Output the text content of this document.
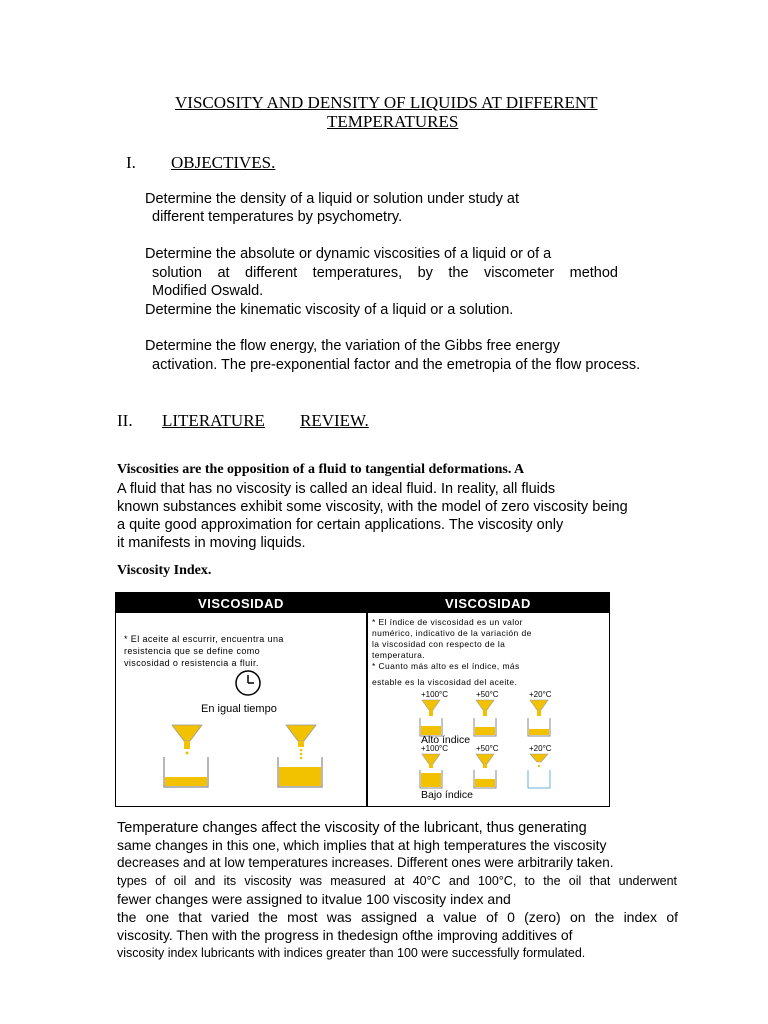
VISCOSITY AND DENSITY OF LIQUIDS AT DIFFERENT
TEMPERATURES
I. OBJECTIVES.
Determine the density of a liquid or solution under study at
different temperatures by psychometry.
Determine the absolute or dynamic viscosities of a liquid or of a
solution at different temperatures, by the viscometer method
Modified Oswald.
Determine the kinematic viscosity of a liquid or a solution.
Determine the flow energy, the variation of the Gibbs free energy
activation. The pre-exponential factor and the emetropia of the flow process.
II. LITERATURE REVIEW.
Viscosities are the opposition of a fluid to tangential deformations. A
A fluid that has no viscosity is called an ideal fluid. In reality, all fluids
known substances exhibit some viscosity, with the model of zero viscosity being
a quite good approximation for certain applications. The viscosity only
it manifests in moving liquids.
Viscosity Index.
VISCOSIDAD	VISCOSIDAD
* El aceite al escurrir, encuentra una
resistencia que se define como
viscosidad o resistencia a fluir.
En igual tiempo
* El índice de viscosidad es un valor
numérico, indicativo de la variación de
la viscosidad con respecto de la
temperatura.
* Cuanto más alto es el índice, más
estable es la viscosidad del aceite.
+100°C	+50°C	+20°C
Alto índice
+100°C	+50°C	+20°C
Bajo índice
Temperature changes affect the viscosity of the lubricant, thus generating
same changes in this one, which implies that at high temperatures the viscosity
decreases and at low temperatures increases. Different ones were arbitrarily taken.
types of oil and its viscosity was measured at 40°C and 100°C, to the oil that underwent
fewer changes were assigned to itvalue 100 viscosity index and
the one that varied the most was assigned a value of 0 (zero) on the index of
viscosity. Then with the progress in thedesign ofthe improving additives of
viscosity index lubricants with indices greater than 100 were successfully formulated.
